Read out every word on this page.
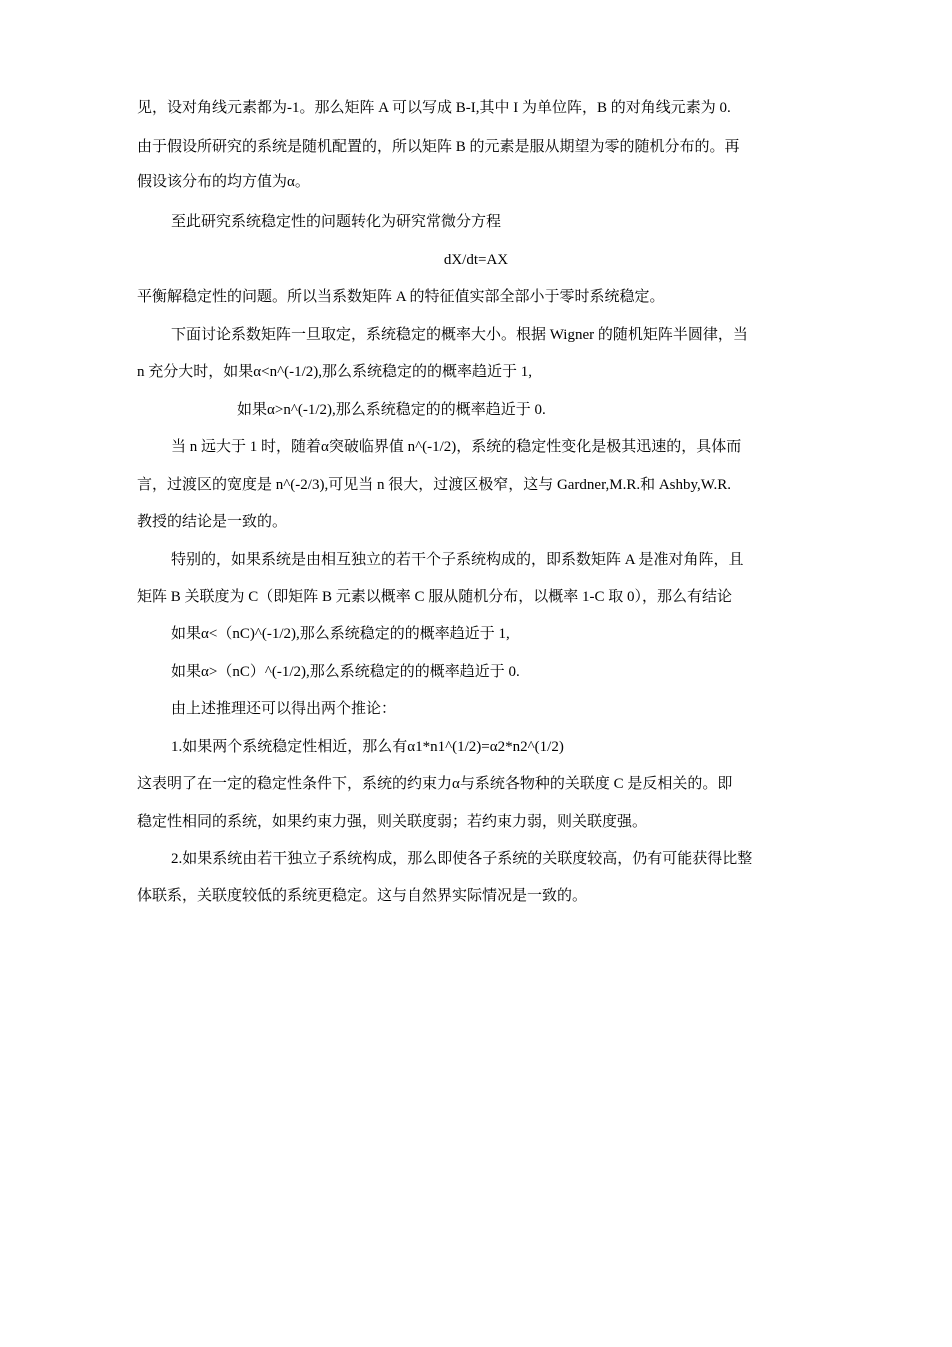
见，设对角线元素都为-1。那么矩阵 A 可以写成 B-I,其中 I 为单位阵，B 的对角线元素为 0.
由于假设所研究的系统是随机配置的，所以矩阵 B 的元素是服从期望为零的随机分布的。再
假设该分布的均方值为α。
至此研究系统稳定性的问题转化为研究常微分方程
dX/dt=AX
平衡解稳定性的问题。所以当系数矩阵 A 的特征值实部全部小于零时系统稳定。
下面讨论系数矩阵一旦取定，系统稳定的概率大小。根据 Wigner 的随机矩阵半圆律，当
n 充分大时，如果α<n^(-1/2),那么系统稳定的的概率趋近于 1,
如果α>n^(-1/2),那么系统稳定的的概率趋近于 0.
当 n 远大于 1 时，随着α突破临界值 n^(-1/2)，系统的稳定性变化是极其迅速的，具体而
言，过渡区的宽度是 n^(-2/3),可见当 n 很大，过渡区极窄，这与 Gardner,M.R.和 Ashby,W.R.
教授的结论是一致的。
特别的，如果系统是由相互独立的若干个子系统构成的，即系数矩阵 A 是准对角阵，且
矩阵 B 关联度为 C（即矩阵 B 元素以概率 C 服从随机分布，以概率 1-C 取 0），那么有结论
如果α<（nC)^(-1/2),那么系统稳定的的概率趋近于 1,
如果α>（nC）^(-1/2),那么系统稳定的的概率趋近于 0.
由上述推理还可以得出两个推论：
1.如果两个系统稳定性相近，那么有α1*n1^(1/2)=α2*n2^(1/2)
这表明了在一定的稳定性条件下，系统的约束力α与系统各物种的关联度 C 是反相关的。即
稳定性相同的系统，如果约束力强，则关联度弱；若约束力弱，则关联度强。
2.如果系统由若干独立子系统构成，那么即使各子系统的关联度较高，仍有可能获得比整
体联系，关联度较低的系统更稳定。这与自然界实际情况是一致的。
